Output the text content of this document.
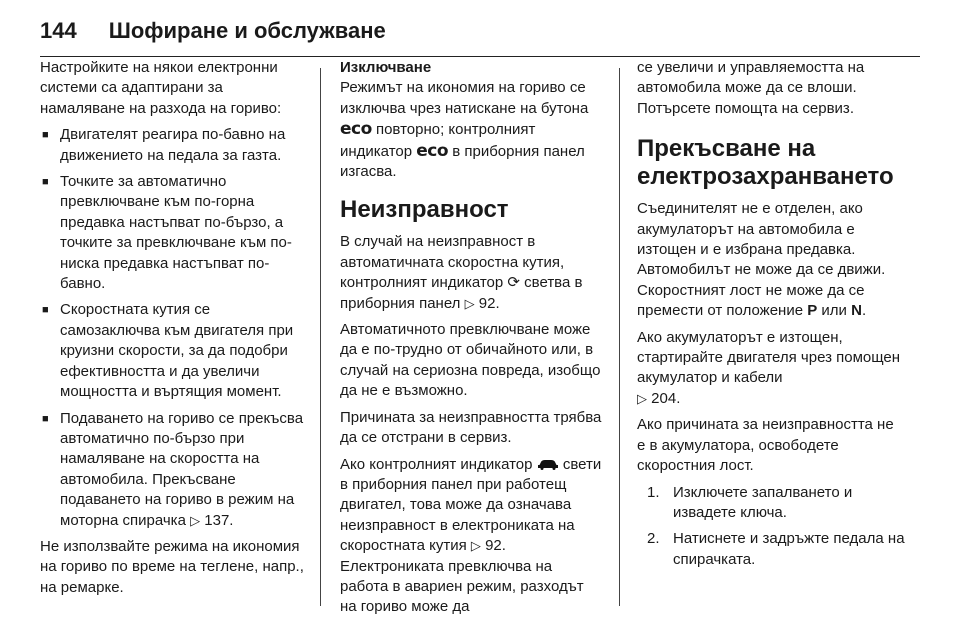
144 Шофиране и обслужване

Настройките на някои електронни системи са адаптирани за намаляване на разхода на гориво:

■ Двигателят реагира по-бавно на движението на педала за газта.
■ Точките за автоматично превключване към по-горна предавка настъпват по-бързо, а точките за превключване към по-ниска предавка настъпват по-бавно.
■ Скоростната кутия се самозаключва към двигателя при круизни скорости, за да подобри ефективността и да увеличи мощността и въртящия момент.
■ Подаването на гориво се прекъсва автоматично по-бързо при намаляване на скоростта на автомобила. Прекъсване подаването на гориво в режим на моторна спирачка ▷ 137.

Не използвайте режима на икономия на гориво по време на теглене, напр., на ремарке.

Изключване

Режимът на икономия на гориво се изключва чрез натискане на бутона eco повторно; контролният индикатор eco в приборния панел изгасва.

Неизправност

В случай на неизправност в автоматичната скоростна кутия, контролният индикатор ⟳ светва в приборния панел ▷ 92.

Автоматичното превключване може да е по-трудно от обичайното или, в случай на сериозна повреда, изобщо да не е възможно.

Причината за неизправността трябва да се отстрани в сервиз.

Ако контролният индикатор свети в приборния панел при работещ двигател, това може да означава неизправност в електрониката на скоростната кутия ▷ 92. Електрониката превключва на работа в авариен режим, разходът на гориво може да

се увеличи и управляемостта на автомобила може да се влоши. Потърсете помощта на сервиз.

Прекъсване на електрозахранването

Съединителят не е отделен, ако акумулаторът на автомобила е изтощен и е избрана предавка. Автомобилът не може да се движи. Скоростният лост не може да се премести от положение P или N.

Ако акумулаторът е изтощен, стартирайте двигателя чрез помощен акумулатор и кабели
▷ 204.

Ако причината за неизправността не е в акумулатора, освободете скоростния лост.

1. Изключете запалването и извадете ключа.
2. Натиснете и задръжте педала на спирачката.
